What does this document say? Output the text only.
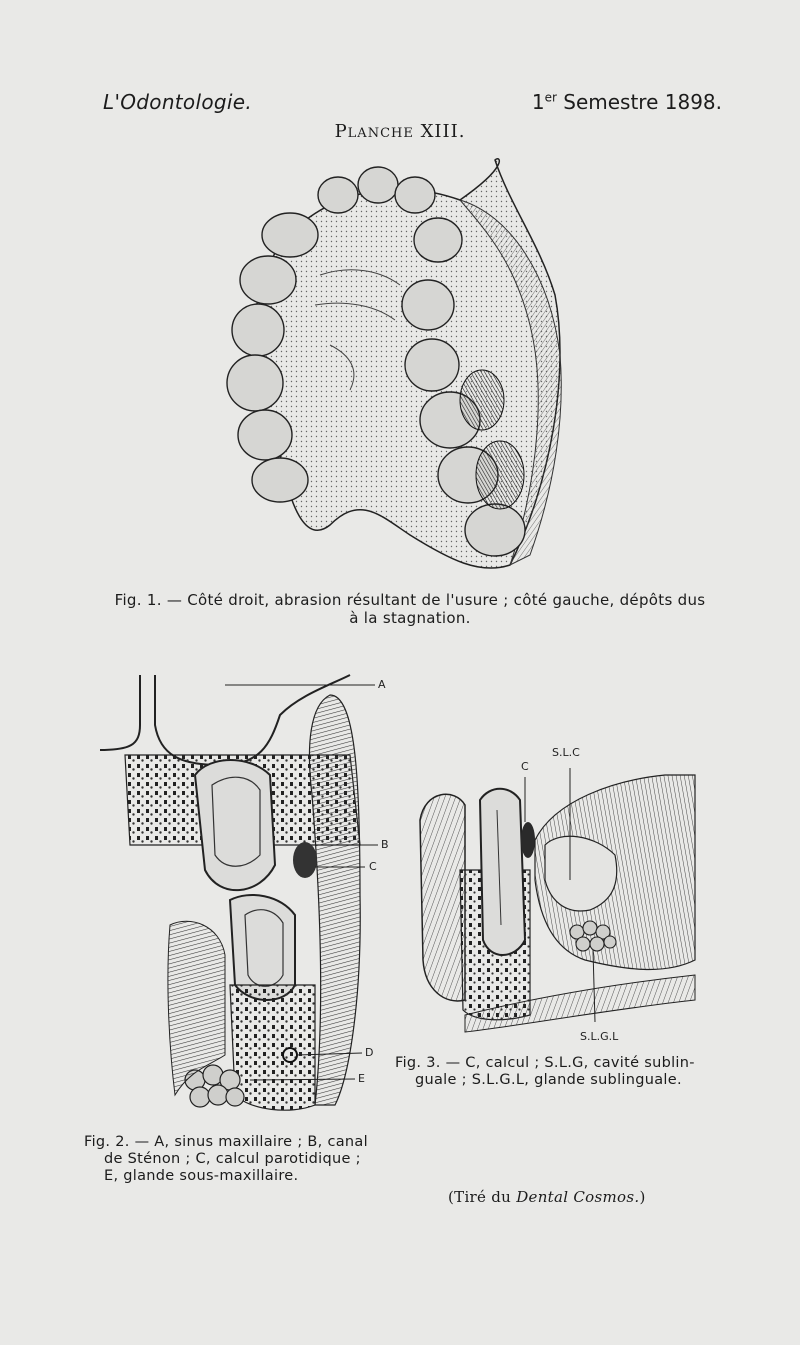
L'Odontologie.	1er Semestre 1898.
Planche XIII.
Fig. 1. — Côté droit, abrasion résultant de l'usure ; côté gauche, dépôts dus
à la stagnation.
A
B
C
D
E
C
S.L.C
S.L.G.L
Fig. 3. — C, calcul ; S.L.G, cavité sublin-
guale ; S.L.G.L, glande sublinguale.
Fig. 2. — A, sinus maxillaire ; B, canal
de Sténon ; C, calcul parotidique ;
E, glande sous-maxillaire.
(Tiré du Dental Cosmos.)
